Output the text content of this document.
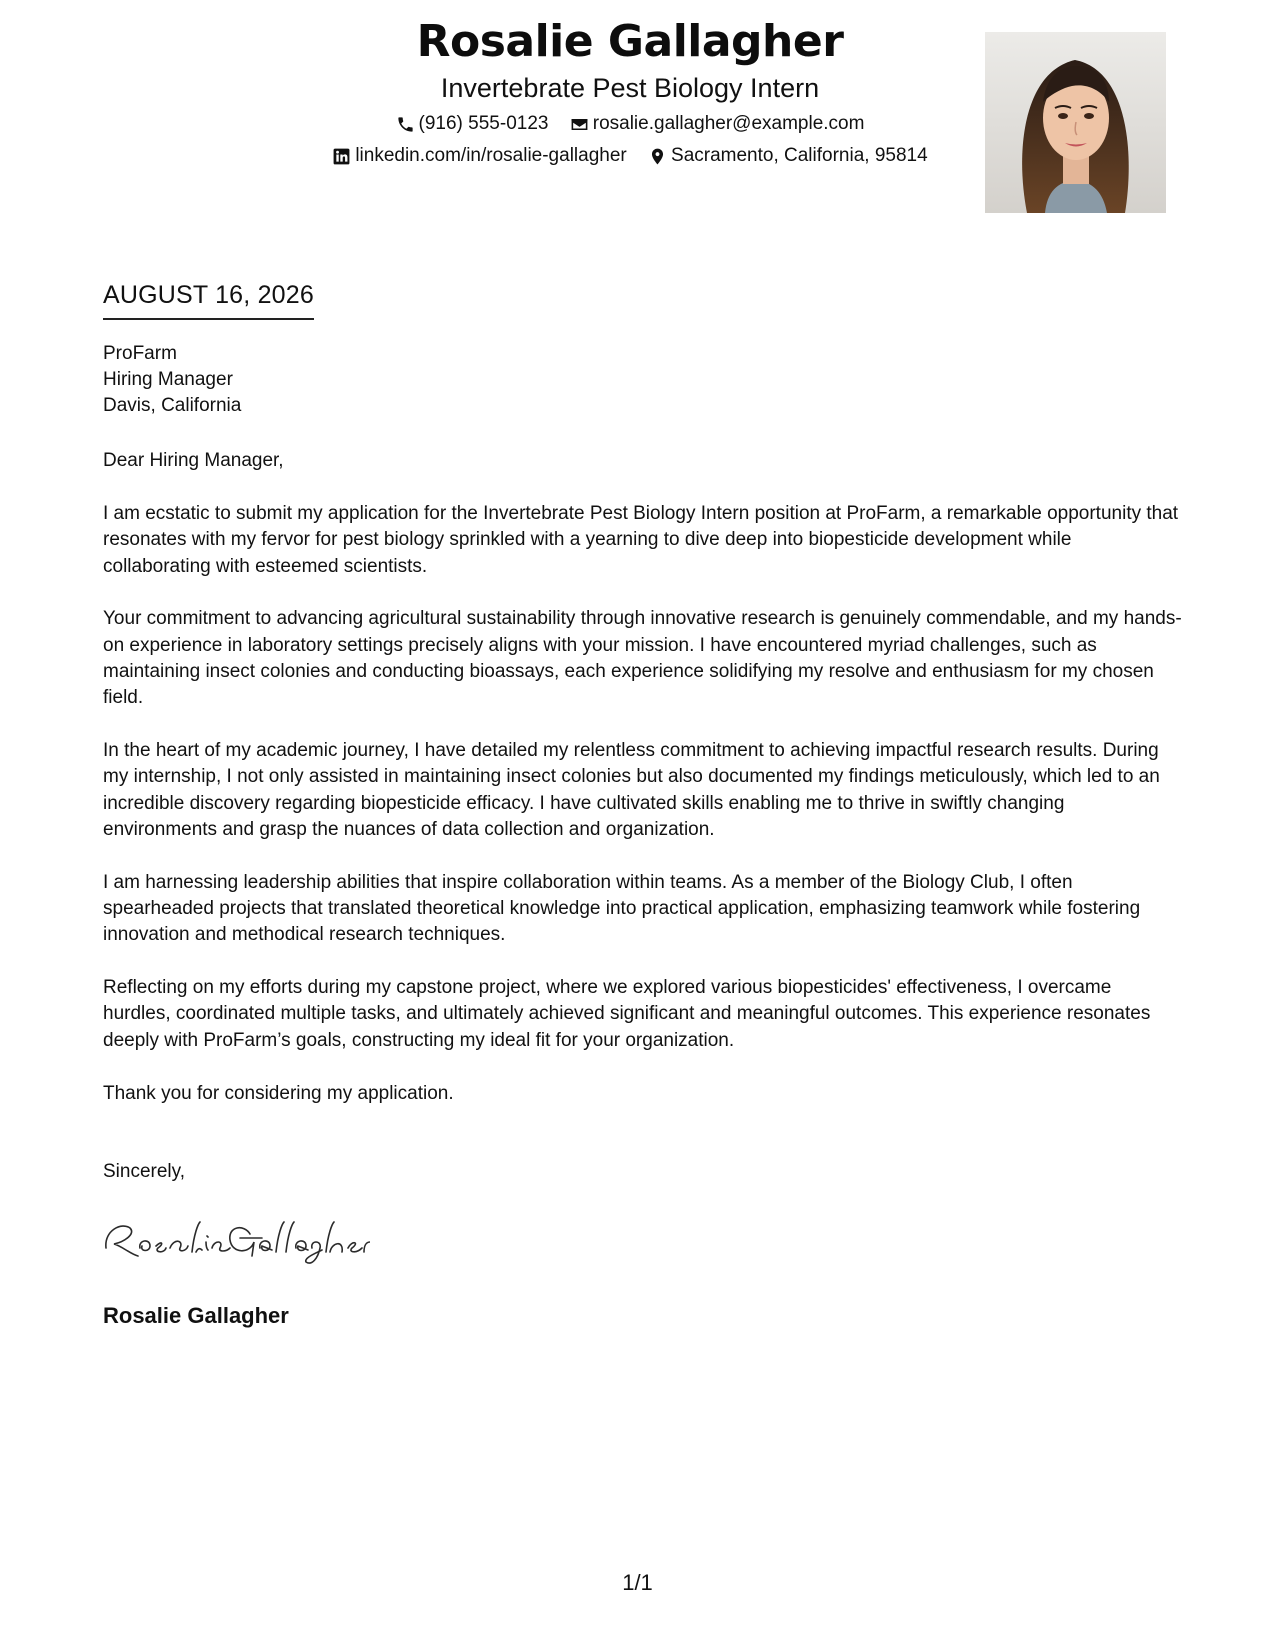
Rosalie Gallagher
Invertebrate Pest Biology Intern
(916) 555-0123
rosalie.gallagher@example.com
linkedin.com/in/rosalie-gallagher
Sacramento, California, 95814
AUGUST 16, 2026
ProFarm
Hiring Manager
Davis, California
Dear Hiring Manager,

I am ecstatic to submit my application for the Invertebrate Pest Biology Intern position at ProFarm, a remarkable opportunity that resonates with my fervor for pest biology sprinkled with a yearning to dive deep into biopesticide development while collaborating with esteemed scientists.

Your commitment to advancing agricultural sustainability through innovative research is genuinely commendable, and my hands-on experience in laboratory settings precisely aligns with your mission. I have encountered myriad challenges, such as maintaining insect colonies and conducting bioassays, each experience solidifying my resolve and enthusiasm for my chosen field.

In the heart of my academic journey, I have detailed my relentless commitment to achieving impactful research results. During my internship, I not only assisted in maintaining insect colonies but also documented my findings meticulously, which led to an incredible discovery regarding biopesticide efficacy. I have cultivated skills enabling me to thrive in swiftly changing environments and grasp the nuances of data collection and organization.

I am harnessing leadership abilities that inspire collaboration within teams. As a member of the Biology Club, I often spearheaded projects that translated theoretical knowledge into practical application, emphasizing teamwork while fostering innovation and methodical research techniques.

Reflecting on my efforts during my capstone project, where we explored various biopesticides' effectiveness, I overcame hurdles, coordinated multiple tasks, and ultimately achieved significant and meaningful outcomes. This experience resonates deeply with ProFarm’s goals, constructing my ideal fit for your organization.

Thank you for considering my application.

Sincerely,
Rosalie Gallagher
1/1
